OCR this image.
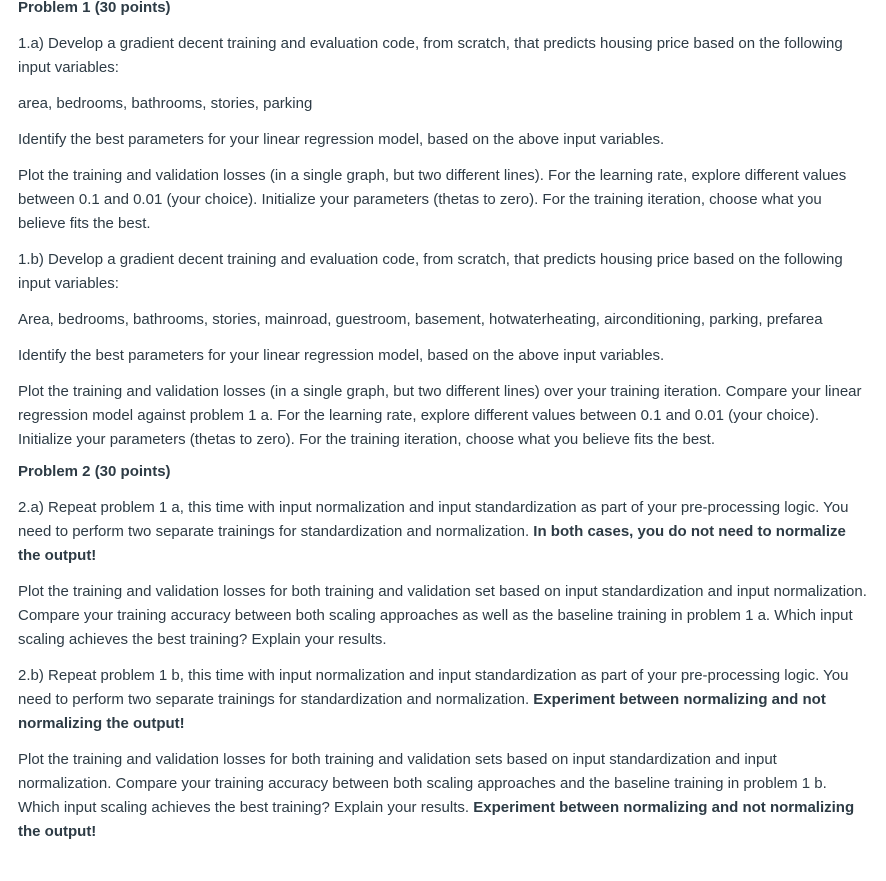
Problem 1 (30 points)

1.a) Develop a gradient decent training and evaluation code, from scratch, that predicts housing price based on the following input variables:

area, bedrooms, bathrooms, stories, parking

Identify the best parameters for your linear regression model, based on the above input variables.

Plot the training and validation losses (in a single graph, but two different lines). For the learning rate, explore different values between 0.1 and 0.01 (your choice). Initialize your parameters (thetas to zero). For the training iteration, choose what you believe fits the best.

1.b) Develop a gradient decent training and evaluation code, from scratch, that predicts housing price based on the following input variables:

Area, bedrooms, bathrooms, stories, mainroad, guestroom, basement, hotwaterheating, airconditioning, parking, prefarea

Identify the best parameters for your linear regression model, based on the above input variables.

Plot the training and validation losses (in a single graph, but two different lines) over your training iteration. Compare your linear regression model against problem 1 a. For the learning rate, explore different values between 0.1 and 0.01 (your choice). Initialize your parameters (thetas to zero). For the training iteration, choose what you believe fits the best.

Problem 2 (30 points)

2.a) Repeat problem 1 a, this time with input normalization and input standardization as part of your pre-processing logic. You need to perform two separate trainings for standardization and normalization. In both cases, you do not need to normalize the output!

Plot the training and validation losses for both training and validation set based on input standardization and input normalization. Compare your training accuracy between both scaling approaches as well as the baseline training in problem 1 a. Which input scaling achieves the best training? Explain your results.

2.b) Repeat problem 1 b, this time with input normalization and input standardization as part of your pre-processing logic. You need to perform two separate trainings for standardization and normalization. Experiment between normalizing and not normalizing the output!

Plot the training and validation losses for both training and validation sets based on input standardization and input normalization. Compare your training accuracy between both scaling approaches and the baseline training in problem 1 b. Which input scaling achieves the best training? Explain your results. Experiment between normalizing and not normalizing the output!
